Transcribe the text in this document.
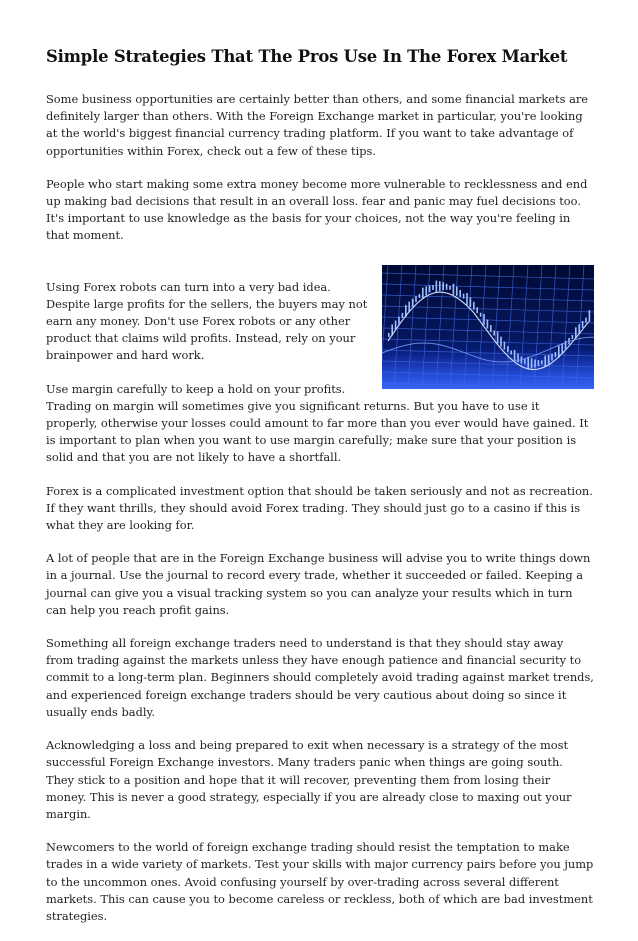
Simple Strategies That The Pros Use In The Forex Market

Some business opportunities are certainly better than others, and some financial markets are definitely larger than others. With the Foreign Exchange market in particular, you're looking at the world's biggest financial currency trading platform. If you want to take advantage of opportunities within Forex, check out a few of these tips.

People who start making some extra money become more vulnerable to recklessness and end up making bad decisions that result in an overall loss. fear and panic may fuel decisions too. It's important to use knowledge as the basis for your choices, not the way you're feeling in that moment.

Using Forex robots can turn into a very bad idea. Despite large profits for the sellers, the buyers may not earn any money. Don't use Forex robots or any other product that claims wild profits. Instead, rely on your brainpower and hard work.

Use margin carefully to keep a hold on your profits. Trading on margin will sometimes give you significant returns. But you have to use it properly, otherwise your losses could amount to far more than you ever would have gained. It is important to plan when you want to use margin carefully; make sure that your position is solid and that you are not likely to have a shortfall.

Forex is a complicated investment option that should be taken seriously and not as recreation. If they want thrills, they should avoid Forex trading. They should just go to a casino if this is what they are looking for.

A lot of people that are in the Foreign Exchange business will advise you to write things down in a journal. Use the journal to record every trade, whether it succeeded or failed. Keeping a journal can give you a visual tracking system so you can analyze your results which in turn can help you reach profit gains.

Something all foreign exchange traders need to understand is that they should stay away from trading against the markets unless they have enough patience and financial security to commit to a long-term plan. Beginners should completely avoid trading against market trends, and experienced foreign exchange traders should be very cautious about doing so since it usually ends badly.

Acknowledging a loss and being prepared to exit when necessary is a strategy of the most successful Foreign Exchange investors. Many traders panic when things are going south. They stick to a position and hope that it will recover, preventing them from losing their money. This is never a good strategy, especially if you are already close to maxing out your margin.

Newcomers to the world of foreign exchange trading should resist the temptation to make trades in a wide variety of markets. Test your skills with major currency pairs before you jump to the uncommon ones. Avoid confusing yourself by over-trading across several different markets. This can cause you to become careless or reckless, both of which are bad investment strategies.
